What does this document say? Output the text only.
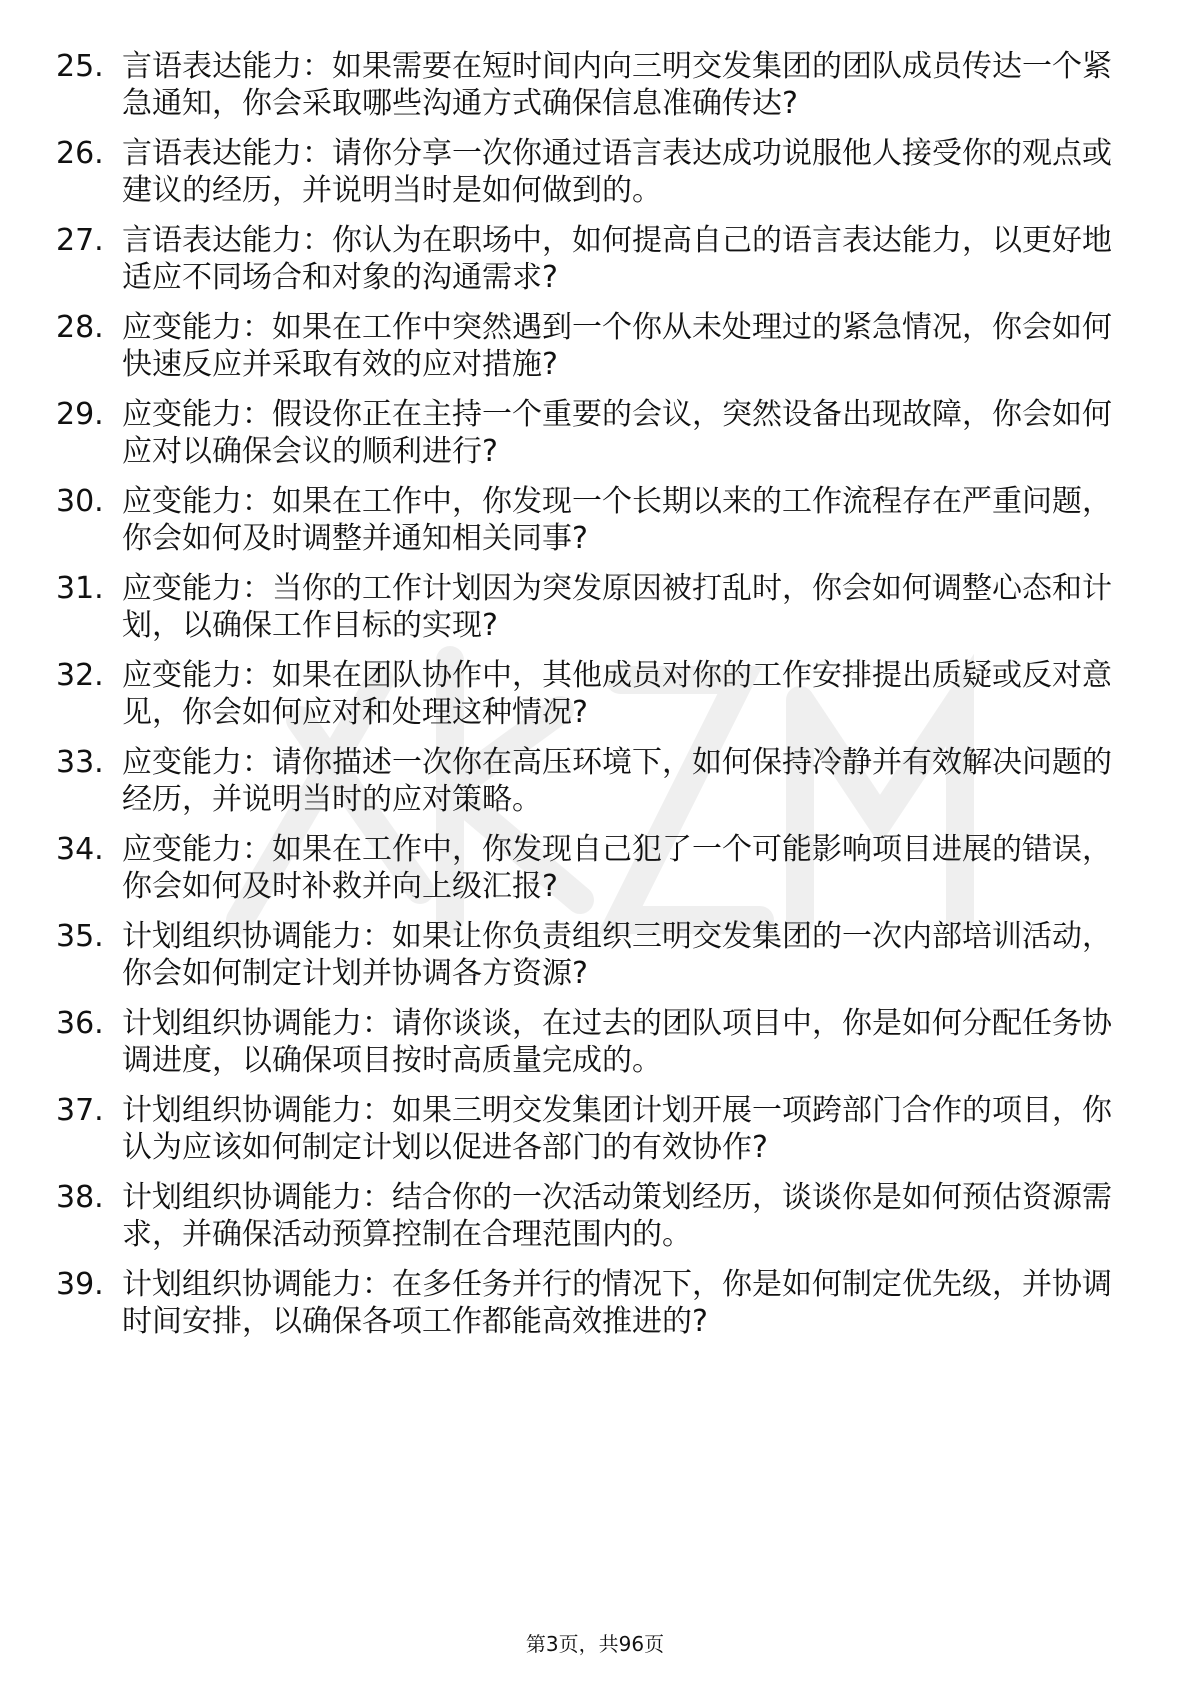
25. 言语表达能力：如果需要在短时间内向三明交发集团的团队成员传达一个紧急通知，你会采取哪些沟通方式确保信息准确传达?
26. 言语表达能力：请你分享一次你通过语言表达成功说服他人接受你的观点或建议的经历，并说明当时是如何做到的。
27. 言语表达能力：你认为在职场中，如何提高自己的语言表达能力，以更好地适应不同场合和对象的沟通需求?
28. 应变能力：如果在工作中突然遇到一个你从未处理过的紧急情况，你会如何快速反应并采取有效的应对措施?
29. 应变能力：假设你正在主持一个重要的会议，突然设备出现故障，你会如何应对以确保会议的顺利进行?
30. 应变能力：如果在工作中，你发现一个长期以来的工作流程存在严重问题，你会如何及时调整并通知相关同事?
31. 应变能力：当你的工作计划因为突发原因被打乱时，你会如何调整心态和计划，以确保工作目标的实现?
32. 应变能力：如果在团队协作中，其他成员对你的工作安排提出质疑或反对意见，你会如何应对和处理这种情况?
33. 应变能力：请你描述一次你在高压环境下，如何保持冷静并有效解决问题的经历，并说明当时的应对策略。
34. 应变能力：如果在工作中，你发现自己犯了一个可能影响项目进展的错误，你会如何及时补救并向上级汇报?
35. 计划组织协调能力：如果让你负责组织三明交发集团的一次内部培训活动，你会如何制定计划并协调各方资源?
36. 计划组织协调能力：请你谈谈，在过去的团队项目中，你是如何分配任务协调进度，以确保项目按时高质量完成的。
37. 计划组织协调能力：如果三明交发集团计划开展一项跨部门合作的项目，你认为应该如何制定计划以促进各部门的有效协作?
38. 计划组织协调能力：结合你的一次活动策划经历，谈谈你是如何预估资源需求，并确保活动预算控制在合理范围内的。
39. 计划组织协调能力：在多任务并行的情况下，你是如何制定优先级，并协调时间安排，以确保各项工作都能高效推进的?
第3页，共96页
